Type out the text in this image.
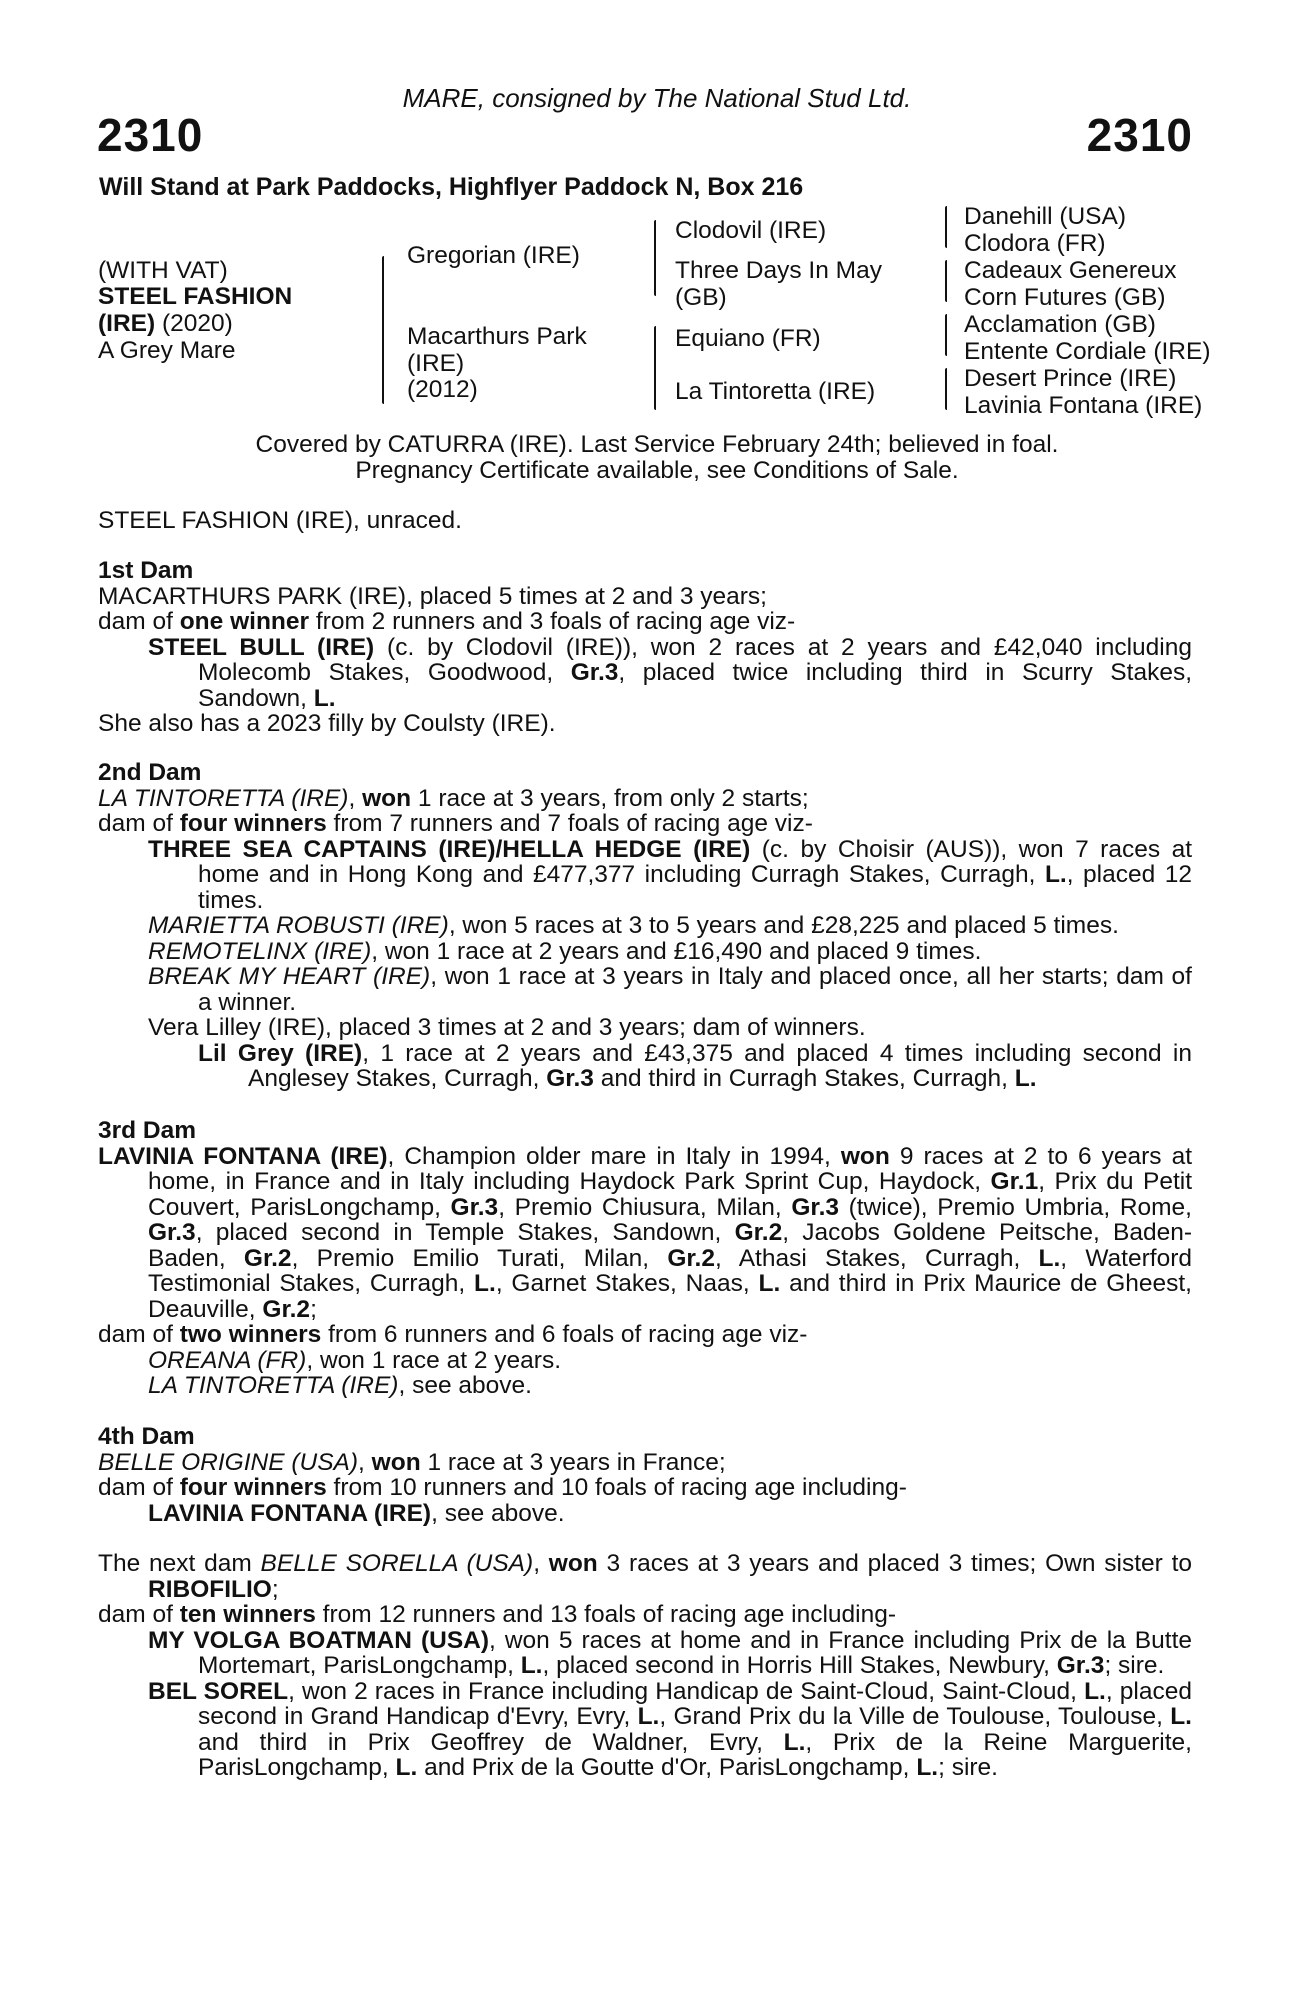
MARE, consigned by The National Stud Ltd.
2310	2310
Will Stand at Park Paddocks, Highflyer Paddock N, Box 216
(WITH VAT)
STEEL FASHION
(IRE) (2020)
A Grey Mare
Gregorian (IRE)
Macarthurs Park
(IRE)
(2012)
Clodovil (IRE)
Three Days In May
(GB)
Equiano (FR)
La Tintoretta (IRE)
Danehill (USA)
Clodora (FR)
Cadeaux Genereux
Corn Futures (GB)
Acclamation (GB)
Entente Cordiale (IRE)
Desert Prince (IRE)
Lavinia Fontana (IRE)
Covered by CATURRA (IRE). Last Service February 24th; believed in foal.
Pregnancy Certificate available, see Conditions of Sale.
STEEL FASHION (IRE), unraced.

1st Dam

MACARTHURS PARK (IRE), placed 5 times at 2 and 3 years;

dam of one winner from 2 runners and 3 foals of racing age viz-

STEEL BULL (IRE) (c. by Clodovil (IRE)), won 2 races at 2 years and £42,040 including Molecomb Stakes, Goodwood, Gr.3, placed twice including third in Scurry Stakes, Sandown, L.

She also has a 2023 filly by Coulsty (IRE).

2nd Dam

LA TINTORETTA (IRE), won 1 race at 3 years, from only 2 starts;

dam of four winners from 7 runners and 7 foals of racing age viz-

THREE SEA CAPTAINS (IRE)/HELLA HEDGE (IRE) (c. by Choisir (AUS)), won 7 races at home and in Hong Kong and £477,377 including Curragh Stakes, Curragh, L., placed 12 times.

MARIETTA ROBUSTI (IRE), won 5 races at 3 to 5 years and £28,225 and placed 5 times.

REMOTELINX (IRE), won 1 race at 2 years and £16,490 and placed 9 times.

BREAK MY HEART (IRE), won 1 race at 3 years in Italy and placed once, all her starts; dam of a winner.

Vera Lilley (IRE), placed 3 times at 2 and 3 years; dam of winners.

Lil Grey (IRE), 1 race at 2 years and £43,375 and placed 4 times including second in Anglesey Stakes, Curragh, Gr.3 and third in Curragh Stakes, Curragh, L.

3rd Dam

LAVINIA FONTANA (IRE), Champion older mare in Italy in 1994, won 9 races at 2 to 6 years at home, in France and in Italy including Haydock Park Sprint Cup, Haydock, Gr.1, Prix du Petit Couvert, ParisLongchamp, Gr.3, Premio Chiusura, Milan, Gr.3 (twice), Premio Umbria, Rome, Gr.3, placed second in Temple Stakes, Sandown, Gr.2, Jacobs Goldene Peitsche, Baden-Baden, Gr.2, Premio Emilio Turati, Milan, Gr.2, Athasi Stakes, Curragh, L., Waterford Testimonial Stakes, Curragh, L., Garnet Stakes, Naas, L. and third in Prix Maurice de Gheest, Deauville, Gr.2;

dam of two winners from 6 runners and 6 foals of racing age viz-

OREANA (FR), won 1 race at 2 years.

LA TINTORETTA (IRE), see above.

4th Dam

BELLE ORIGINE (USA), won 1 race at 3 years in France;

dam of four winners from 10 runners and 10 foals of racing age including-

LAVINIA FONTANA (IRE), see above.

The next dam BELLE SORELLA (USA), won 3 races at 3 years and placed 3 times; Own sister to RIBOFILIO;

dam of ten winners from 12 runners and 13 foals of racing age including-

MY VOLGA BOATMAN (USA), won 5 races at home and in France including Prix de la Butte Mortemart, ParisLongchamp, L., placed second in Horris Hill Stakes, Newbury, Gr.3; sire.

BEL SOREL, won 2 races in France including Handicap de Saint-Cloud, Saint-Cloud, L., placed second in Grand Handicap d'Evry, Evry, L., Grand Prix du la Ville de Toulouse, Toulouse, L. and third in Prix Geoffrey de Waldner, Evry, L., Prix de la Reine Marguerite, ParisLongchamp, L. and Prix de la Goutte d'Or, ParisLongchamp, L.; sire.
